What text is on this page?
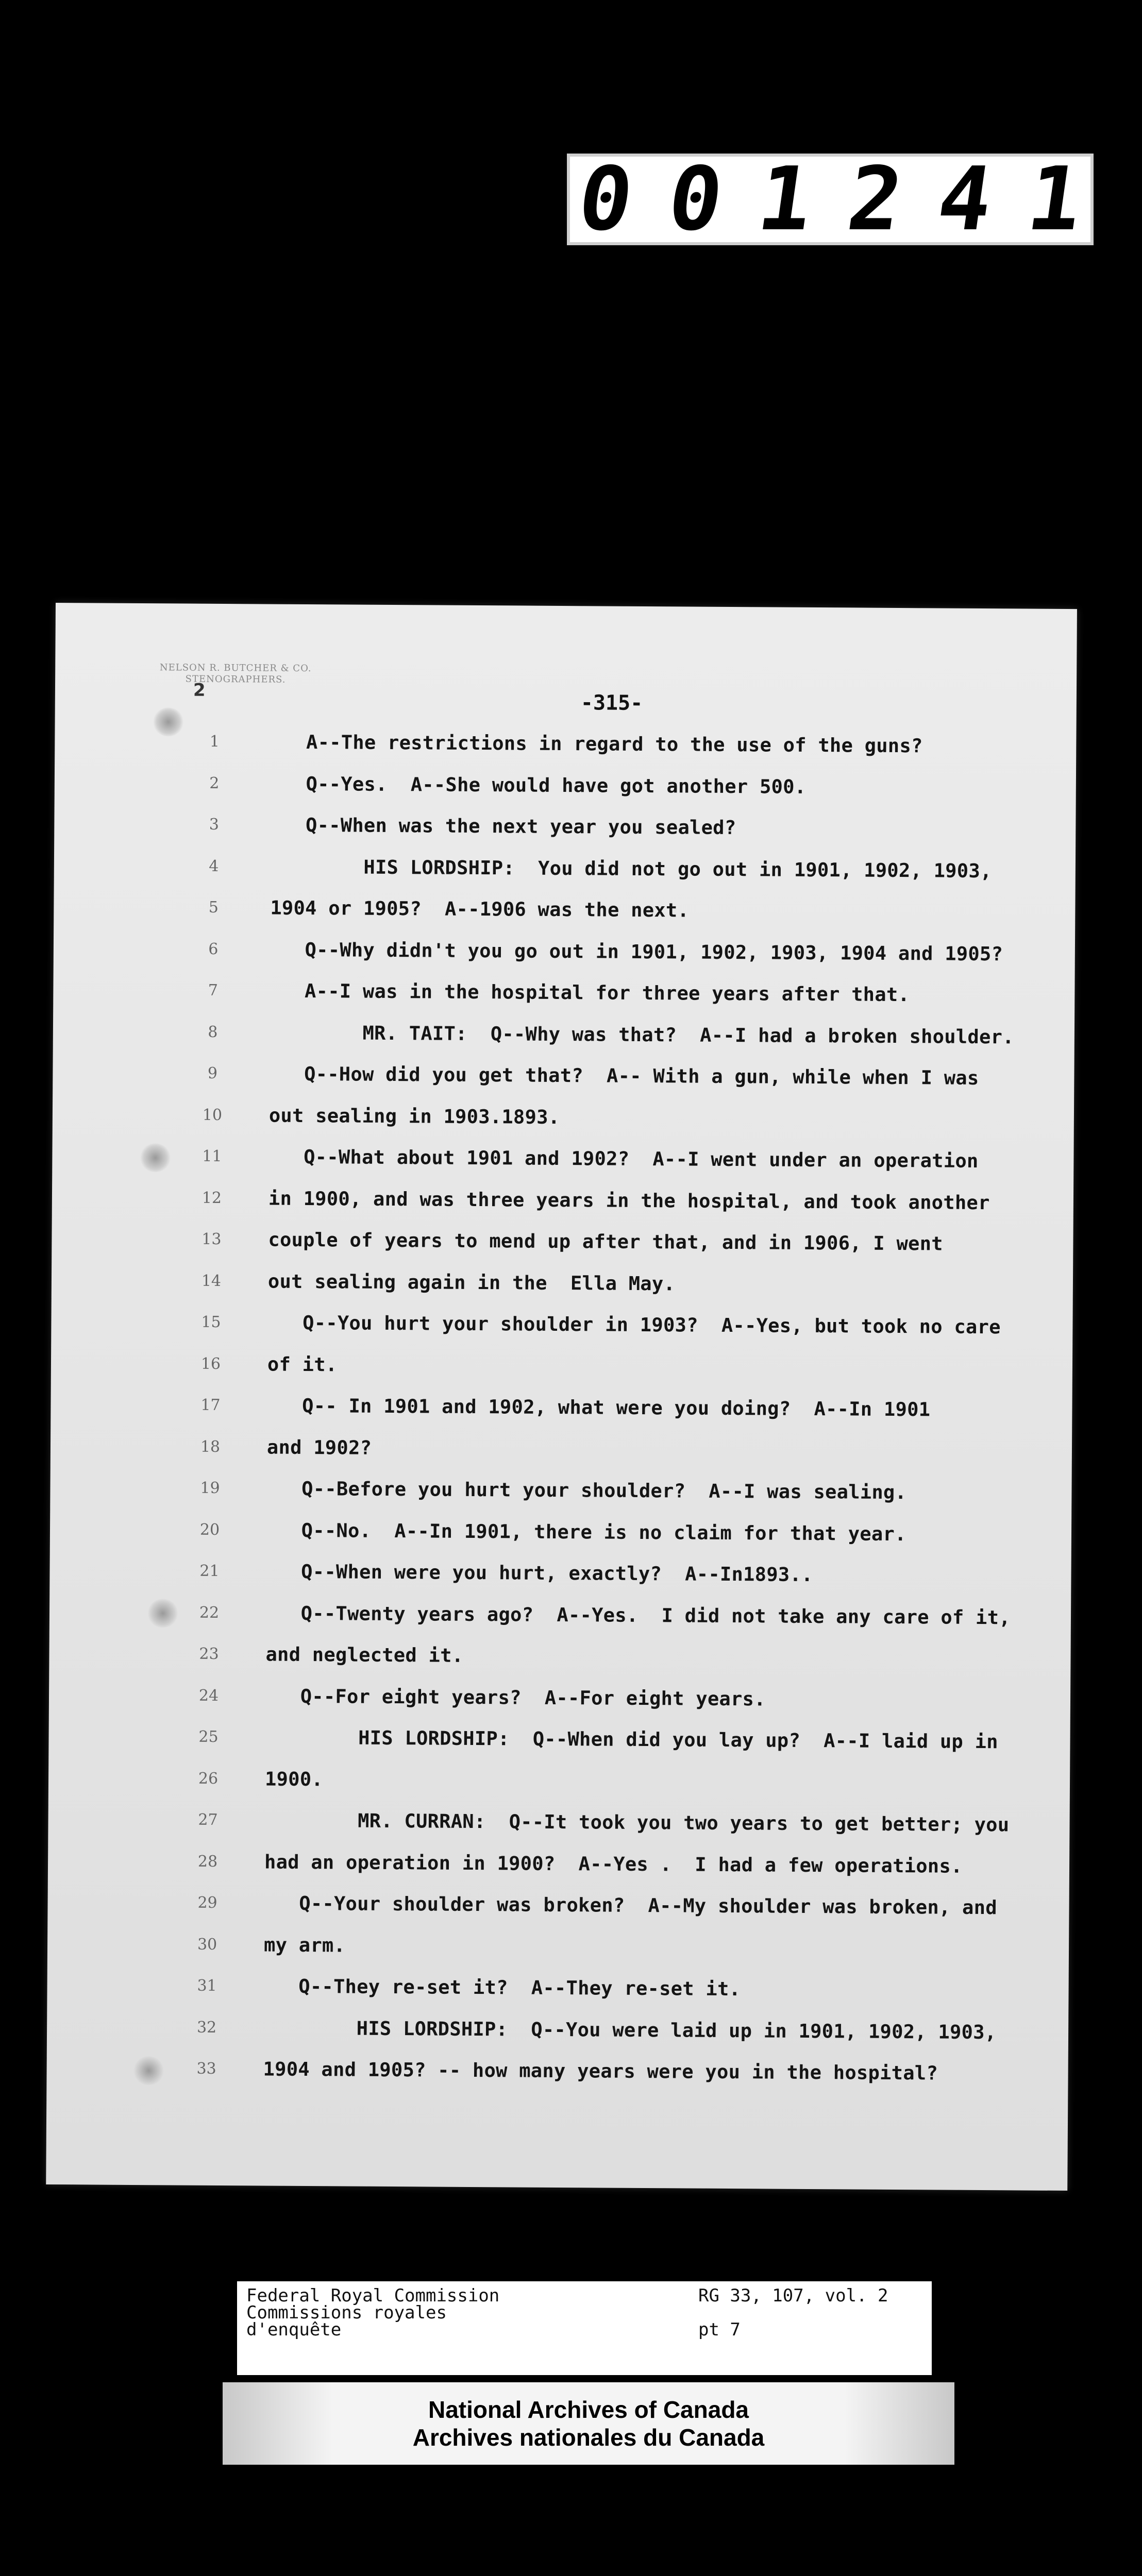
001241
NELSON R. BUTCHER & CO.
STENOGRAPHERS.
2
-315-
1
2
3
4
5
6
7
8
9
10
11
12
13
14
15
16
17
18
19
20
21
22
23
24
25
26
27
28
29
30
31
32
33
A--The restrictions in regard to the use of the guns?
Q--Yes.  A--She would have got another 500.
Q--When was the next year you sealed?
HIS LORDSHIP:  You did not go out in 1901, 1902, 1903,
1904 or 1905?  A--1906 was the next.
Q--Why didn't you go out in 1901, 1902, 1903, 1904 and 1905?
A--I was in the hospital for three years after that.
MR. TAIT:  Q--Why was that?  A--I had a broken shoulder.
Q--How did you get that?  A-- With a gun, while when I was
out sealing in 1903.1893.
Q--What about 1901 and 1902?  A--I went under an operation
in 1900, and was three years in the hospital, and took another
couple of years to mend up after that, and in 1906, I went
out sealing again in the  Ella May.
Q--You hurt your shoulder in 1903?  A--Yes, but took no care
of it.
Q-- In 1901 and 1902, what were you doing?  A--In 1901
and 1902?
Q--Before you hurt your shoulder?  A--I was sealing.
Q--No.  A--In 1901, there is no claim for that year.
Q--When were you hurt, exactly?  A--In1893..
Q--Twenty years ago?  A--Yes.  I did not take any care of it,
and neglected it.
Q--For eight years?  A--For eight years.
HIS LORDSHIP:  Q--When did you lay up?  A--I laid up in
1900.
MR. CURRAN:  Q--It took you two years to get better; you
had an operation in 1900?  A--Yes .  I had a few operations.
Q--Your shoulder was broken?  A--My shoulder was broken, and
my arm.
Q--They re-set it?  A--They re-set it.
HIS LORDSHIP:  Q--You were laid up in 1901, 1902, 1903,
1904 and 1905? -- how many years were you in the hospital?
Federal Royal Commission
Commissions royales
d'enquête
RG 33, 107, vol. 2
pt 7
National Archives of Canada
Archives nationales du Canada
